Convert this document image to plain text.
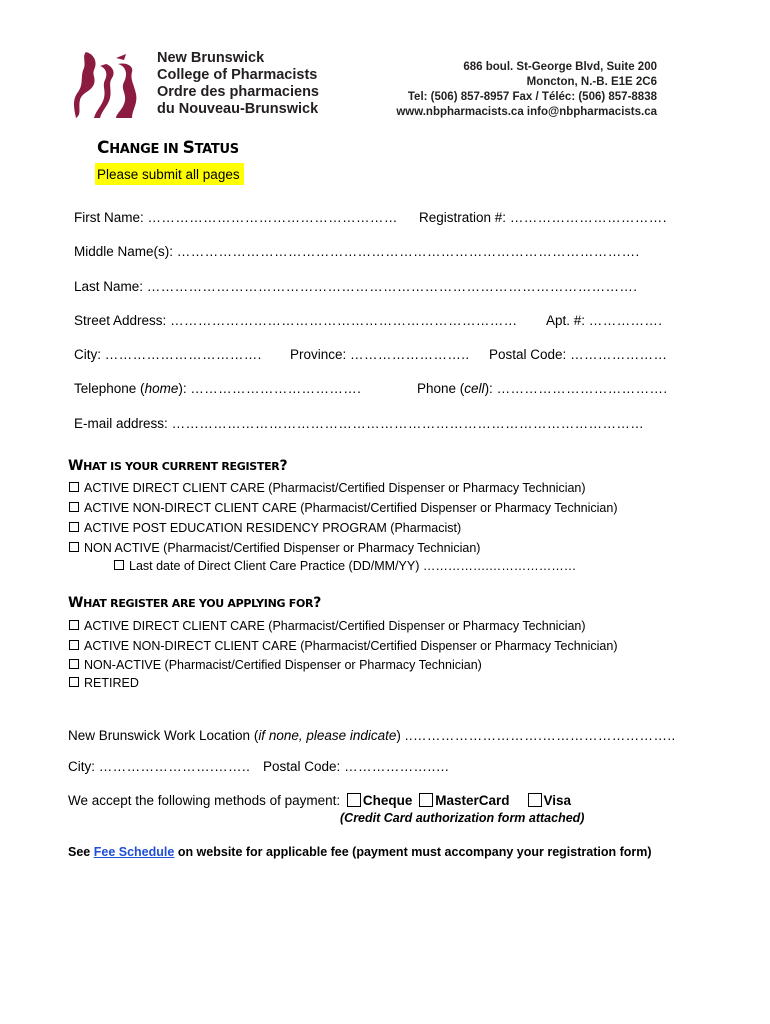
New Brunswick
College of Pharmacists
Ordre des pharmaciens
du Nouveau-Brunswick
686 boul. St-George Blvd, Suite 200
Moncton, N.-B. E1E 2C6
Tel: (506) 857-8957 Fax / Téléc: (506) 857-8838
www.nbpharmacists.ca info@nbpharmacists.ca
CHANGE IN STATUS
Please submit all pages
First Name: ……………………………………………… Registration #: …………………………….
Middle Name(s): ……………………………………………………………………………………….
Last Name: …………………………………………………………………………………………….
Street Address: ………………………………………………………………… Apt. #: …………….
City: ……………………………. Province: …………………….. Postal Code: …………………
Telephone (home): ……………………………….	Phone (cell): ……………………………….
E-mail address: …………………………………………………………………………………………
WHAT IS YOUR CURRENT REGISTER?
ACTIVE DIRECT CLIENT CARE (Pharmacist/Certified Dispenser or Pharmacy Technician)
ACTIVE NON-DIRECT CLIENT CARE (Pharmacist/Certified Dispenser or Pharmacy Technician)
ACTIVE POST EDUCATION RESIDENCY PROGRAM (Pharmacist)
NON ACTIVE (Pharmacist/Certified Dispenser or Pharmacy Technician)
Last date of Direct Client Care Practice (DD/MM/YY) …………….…………………
WHAT REGISTER ARE YOU APPLYING FOR?
ACTIVE DIRECT CLIENT CARE (Pharmacist/Certified Dispenser or Pharmacy Technician)
ACTIVE NON-DIRECT CLIENT CARE (Pharmacist/Certified Dispenser or Pharmacy Technician)
NON-ACTIVE (Pharmacist/Certified Dispenser or Pharmacy Technician)
RETIRED
New Brunswick Work Location (if none, please indicate) ..……………………….………………………..
City: …………………….…….. Postal Code: ………………..…
We accept the following methods of payment: Cheque MasterCard	Visa
(Credit Card authorization form attached)
See Fee Schedule on website for applicable fee (payment must accompany your registration form)
